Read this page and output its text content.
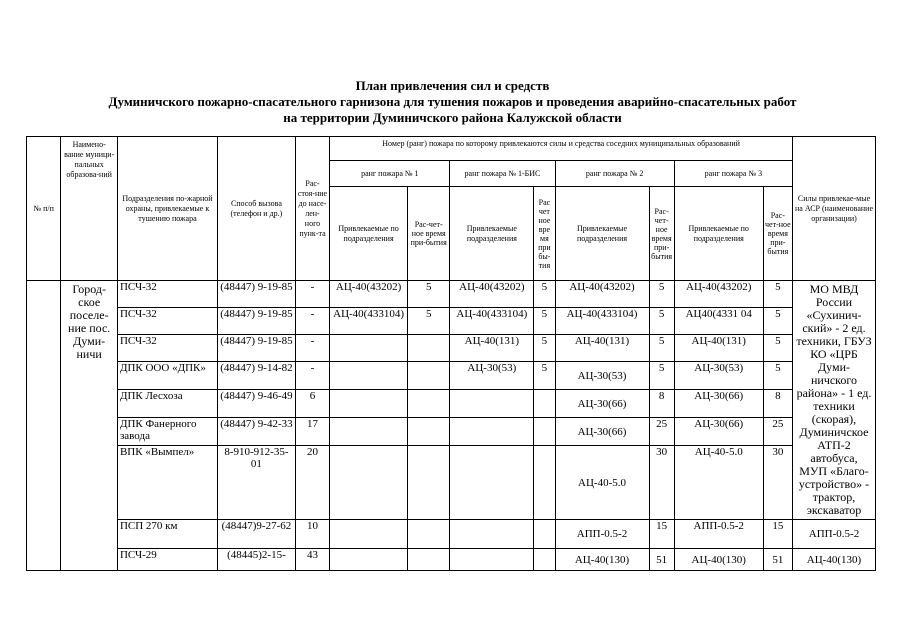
План привлечения сил и средств
Думиничского пожарно-спасательного гарнизона для тушения пожаров и проведения аварийно-спасательных работ
на территории Думиничского района Калужской области
№ п/п	Наимено-вание муници-пальных образова-ний	Подразделения по-жарной охраны, привлекаемые к тушению пожара	Способ вызова (телефон и др.)	Рас-стоя-ние до насе-лен-ного пунк-та	Номер (ранг) пожара по которому привлекаются силы и средства соседних муниципальных образований								Силы привлекае-мые на АСР (наименование организации)
					ранг пожара № 1		ранг пожара № 1-БИС		ранг пожара № 2		ранг пожара № 3		
					Привлекаемые по подразделения	Рас-чет-ное время при-бытия	Привлекаемые подразделения	Рас чет ное вре мя при бы-тия	Привлекаемые подразделения	Рас-чет-ное время при-бытия	Привлекаемые по подразделения	Рас-чет-ное время при-бытия	
	Город-ское поселе-ние пос. Думи-ничи	ПСЧ-32	(48447) 9-19-85	-	АЦ-40(43202)	5	АЦ-40(43202)	5	АЦ-40(43202)	5	АЦ-40(43202)	5	МО МВД России «Сухинич-ский» - 2 ед. техники, ГБУЗ КО «ЦРБ Думи-ничского района» - 1 ед. техники (скорая), Думиничское АТП-2 автобуса, МУП «Благо-устройство» - трактор, экскаватор
		ПСЧ-32	(48447) 9-19-85	-	АЦ-40(433104)	5	АЦ-40(433104)	5	АЦ-40(433104)	5	АЦ40(4331 04	5	
		ПСЧ-32	(48447) 9-19-85	-			АЦ-40(131)	5	АЦ-40(131)	5	АЦ-40(131)	5	
		ДПК ООО «ДПК»	(48447) 9-14-82	-			АЦ-30(53)	5	АЦ-30(53)	5	АЦ-30(53)	5	
		ДПК Лесхоза	(48447) 9-46-49	6					АЦ-30(66)	8	АЦ-30(66)	8	
		ДПК Фанерного завода	(48447) 9-42-33	17					АЦ-30(66)	25	АЦ-30(66)	25	
		ВПК «Вымпел»	8-910-912-35-01	20					АЦ-40-5.0	30	АЦ-40-5.0	30	
		ПСП 270 км	(48447)9-27-62	10					АПП-0.5-2	15	АПП-0.5-2	15	АПП-0.5-2
		ПСЧ-29	(48445)2-15-	43					АЦ-40(130)	51	АЦ-40(130)	51	АЦ-40(130)
